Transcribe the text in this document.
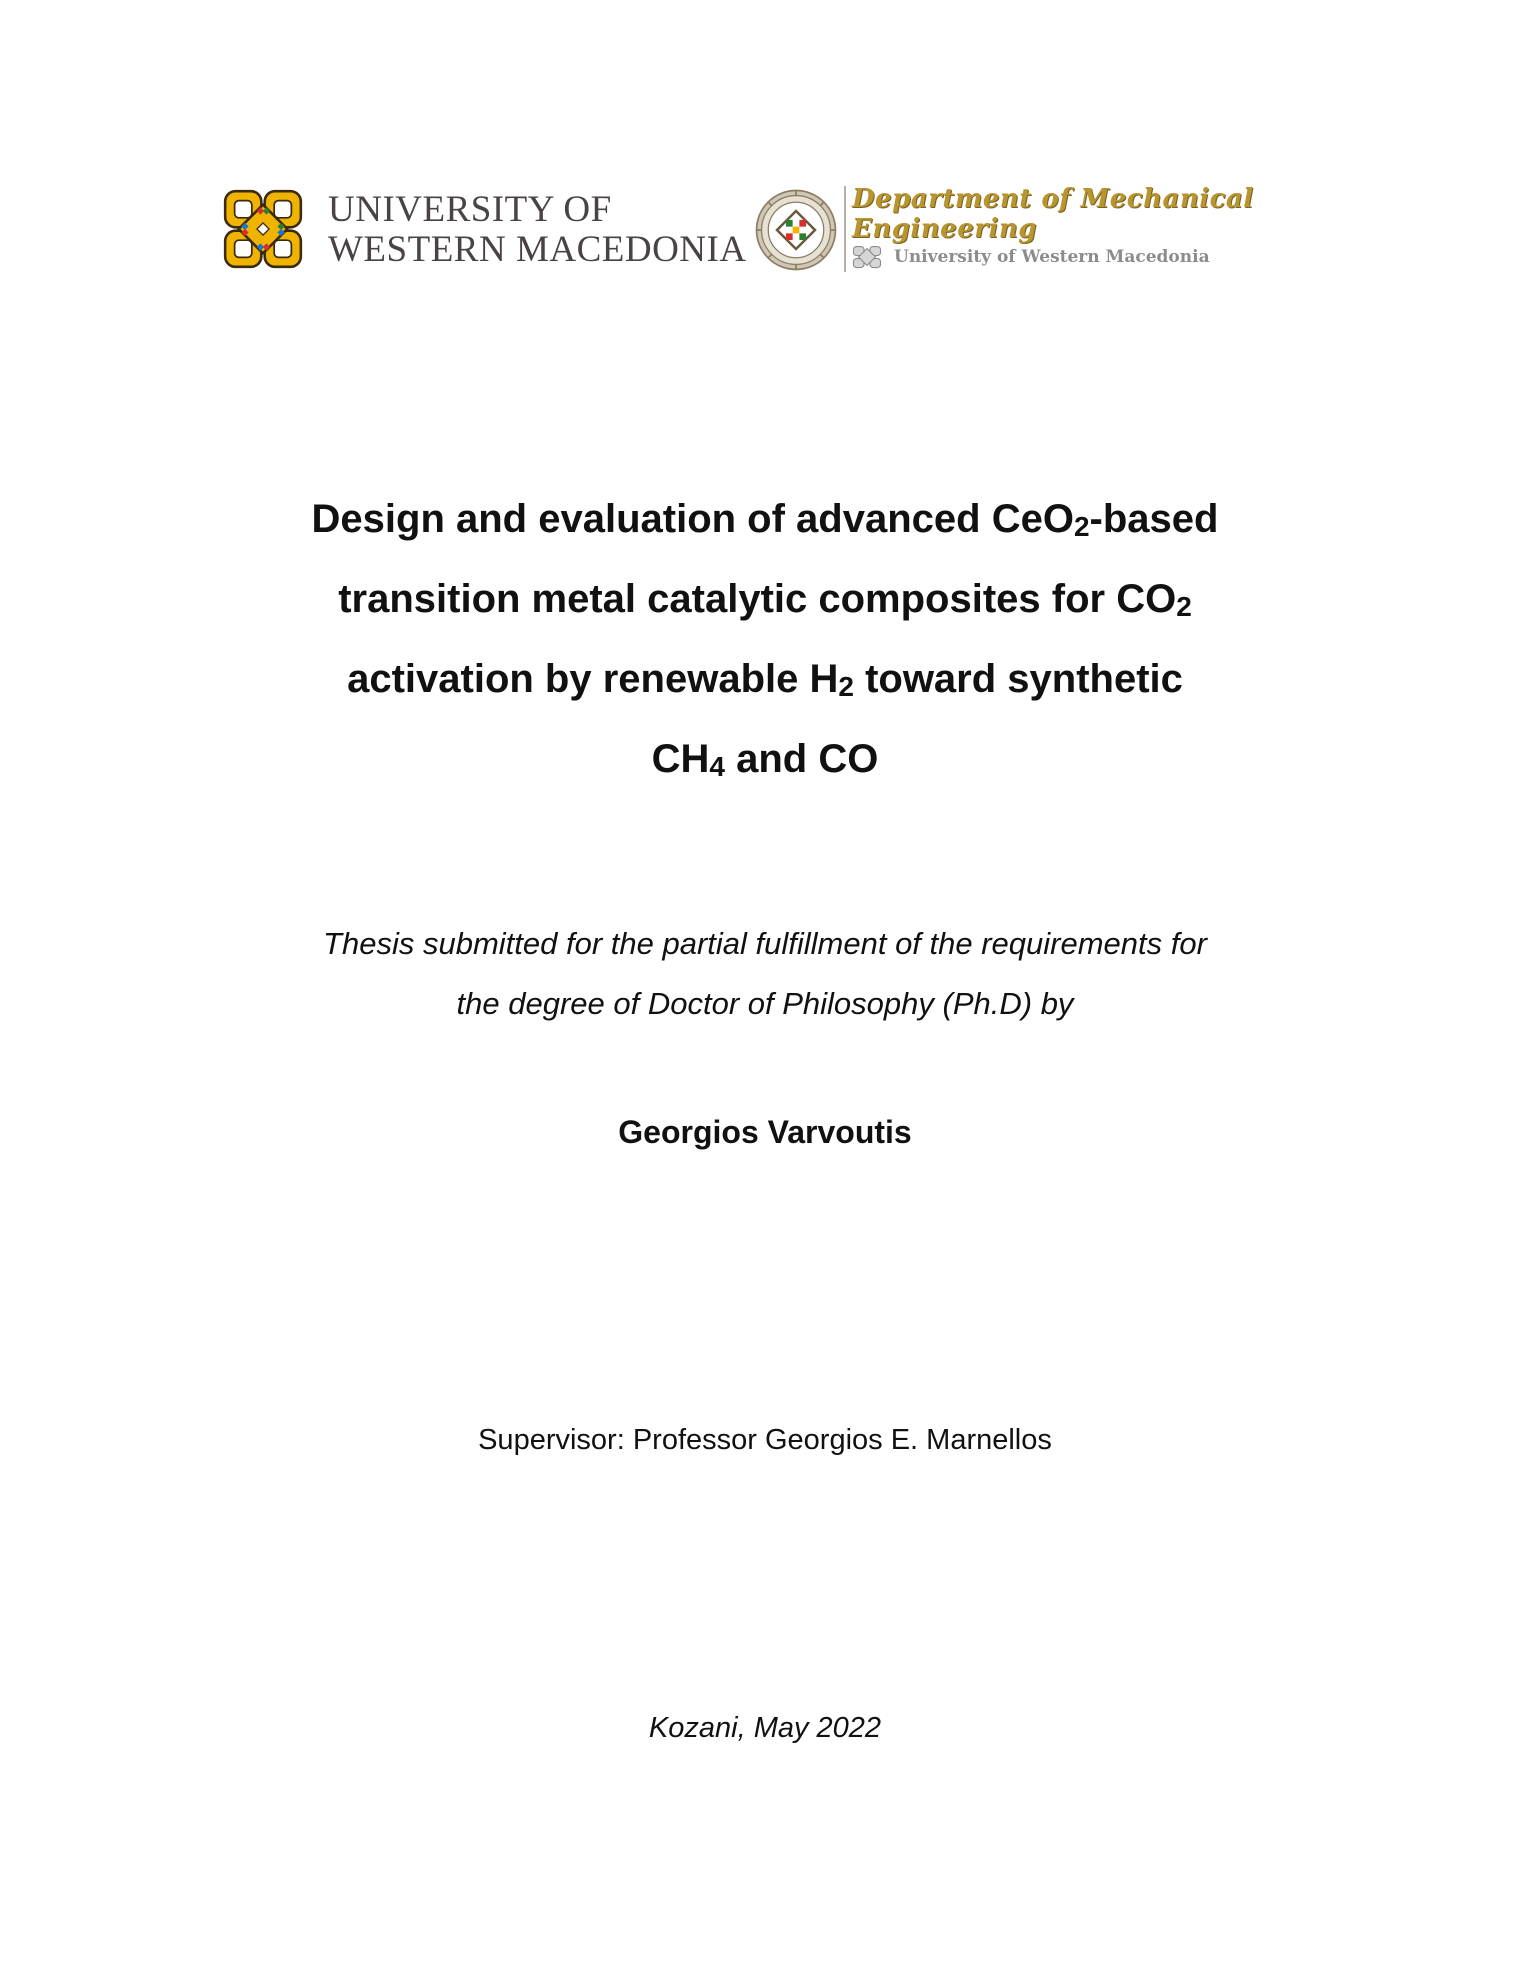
UNIVERSITY OF
WESTERN MACEDONIA
Department of Mechanical
Engineering
University of Western Macedonia
Design and evaluation of advanced CeO$_2$-based
transition metal catalytic composites for $CO_2$
activation by renewable $H_2$ toward synthetic
$CH_4$ and CO
Thesis submitted for the partial fulfillment of the requirements for
the degree of Doctor of Philosophy (Ph.D) by
Georgios Varvoutis
Supervisor: Professor Georgios E. Marnellos
Kozani, May 2022
